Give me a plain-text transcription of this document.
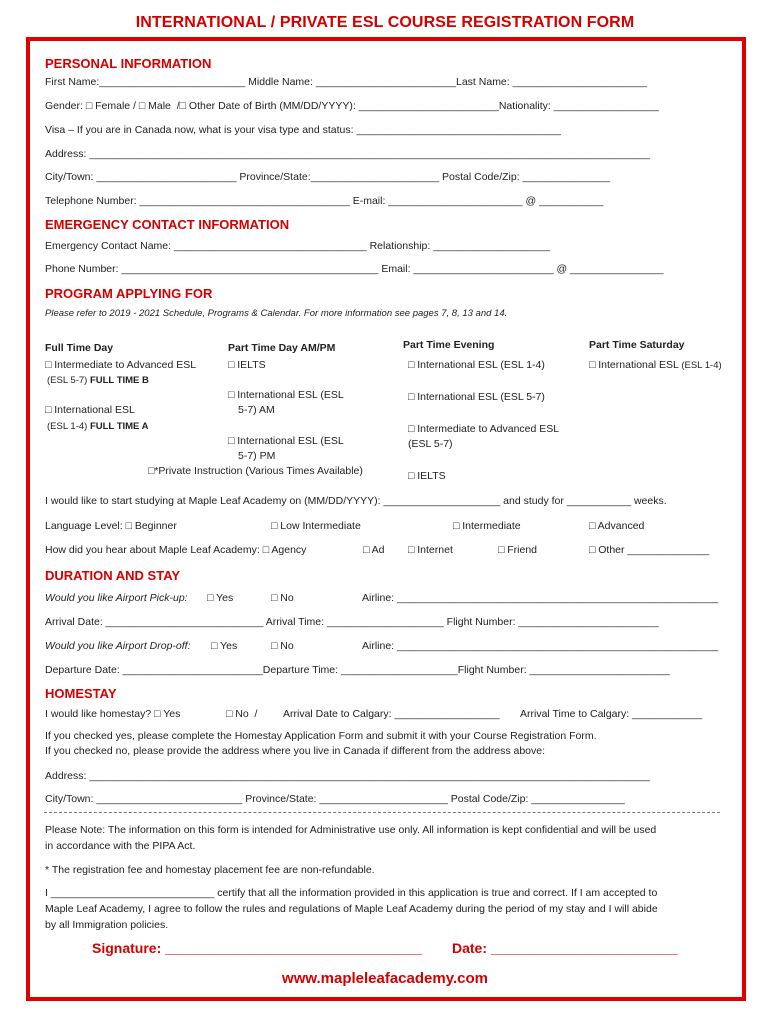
INTERNATIONAL / PRIVATE ESL COURSE REGISTRATION FORM
PERSONAL INFORMATION
First Name:_________________________ Middle Name: ________________________Last Name: _______________________
Gender: □ Female / □ Male  /□ Other Date of Birth (MM/DD/YYYY): ________________________Nationality: __________________
Visa – If you are in Canada now, what is your visa type and status: ___________________________________
Address: ________________________________________________________________________________________________
City/Town: ________________________ Province/State:______________________ Postal Code/Zip: _______________
Telephone Number: ____________________________________ E-mail: _______________________ @ ___________
EMERGENCY CONTACT INFORMATION
Emergency Contact Name: _________________________________ Relationship: ____________________
Phone Number: ____________________________________________ Email: ________________________ @ ________________
PROGRAM APPLYING FOR
Please refer to 2019 - 2021 Schedule, Programs & Calendar. For more information see pages 7, 8, 13 and 14.
Full Time Day
□ Intermediate to Advanced ESL
(ESL 5-7) FULL TIME B
□ International ESL
(ESL 1-4) FULL TIME A
Part Time Day AM/PM
□ IELTS
□ International ESL (ESL
5-7) AM
□ International ESL (ESL
5-7) PM
□*Private Instruction (Various Times Available)
Part Time Evening
□ International ESL (ESL 1-4)
□ International ESL (ESL 5-7)
□ Intermediate to Advanced ESL
(ESL 5-7)
□ IELTS
Part Time Saturday
□ International ESL (ESL 1-4)
I would like to start studying at Maple Leaf Academy on (MM/DD/YYYY): ____________________ and study for ___________ weeks.
Language Level: □ Beginner	□ Low Intermediate	□ Intermediate	□ Advanced
How did you hear about Maple Leaf Academy: □ Agency	□ Ad □ Internet	□ Friend	□ Other ______________
DURATION AND STAY
Would you like Airport Pick-up: □ Yes	□ No	Airline: _______________________________________________________
Arrival Date: ___________________________ Arrival Time: ____________________ Flight Number: ________________________
Would you like Airport Drop-off: □ Yes	□ No	Airline: _______________________________________________________
Departure Date: ________________________Departure Time: ____________________Flight Number: ________________________
HOMESTAY
I would like homestay? □ Yes	□ No  / Arrival Date to Calgary: __________________ Arrival Time to Calgary: ____________
If you checked yes, please complete the Homestay Application Form and submit it with your Course Registration Form.
If you checked no, please provide the address where you live in Canada if different from the address above:
Address: ________________________________________________________________________________________________
City/Town: _________________________ Province/State: ______________________ Postal Code/Zip: ________________
Please Note: The information on this form is intended for Administrative use only. All information is kept confidential and will be used
in accordance with the PIPA Act.
* The registration fee and homestay placement fee are non-refundable.
I ____________________________ certify that all the information provided in this application is true and correct. If I am accepted to
Maple Leaf Academy, I agree to follow the rules and regulations of Maple Leaf Academy during the period of my stay and I will abide
by all Immigration policies.
Signature: _________________________________ Date: ________________________
www.mapleleafacademy.com
